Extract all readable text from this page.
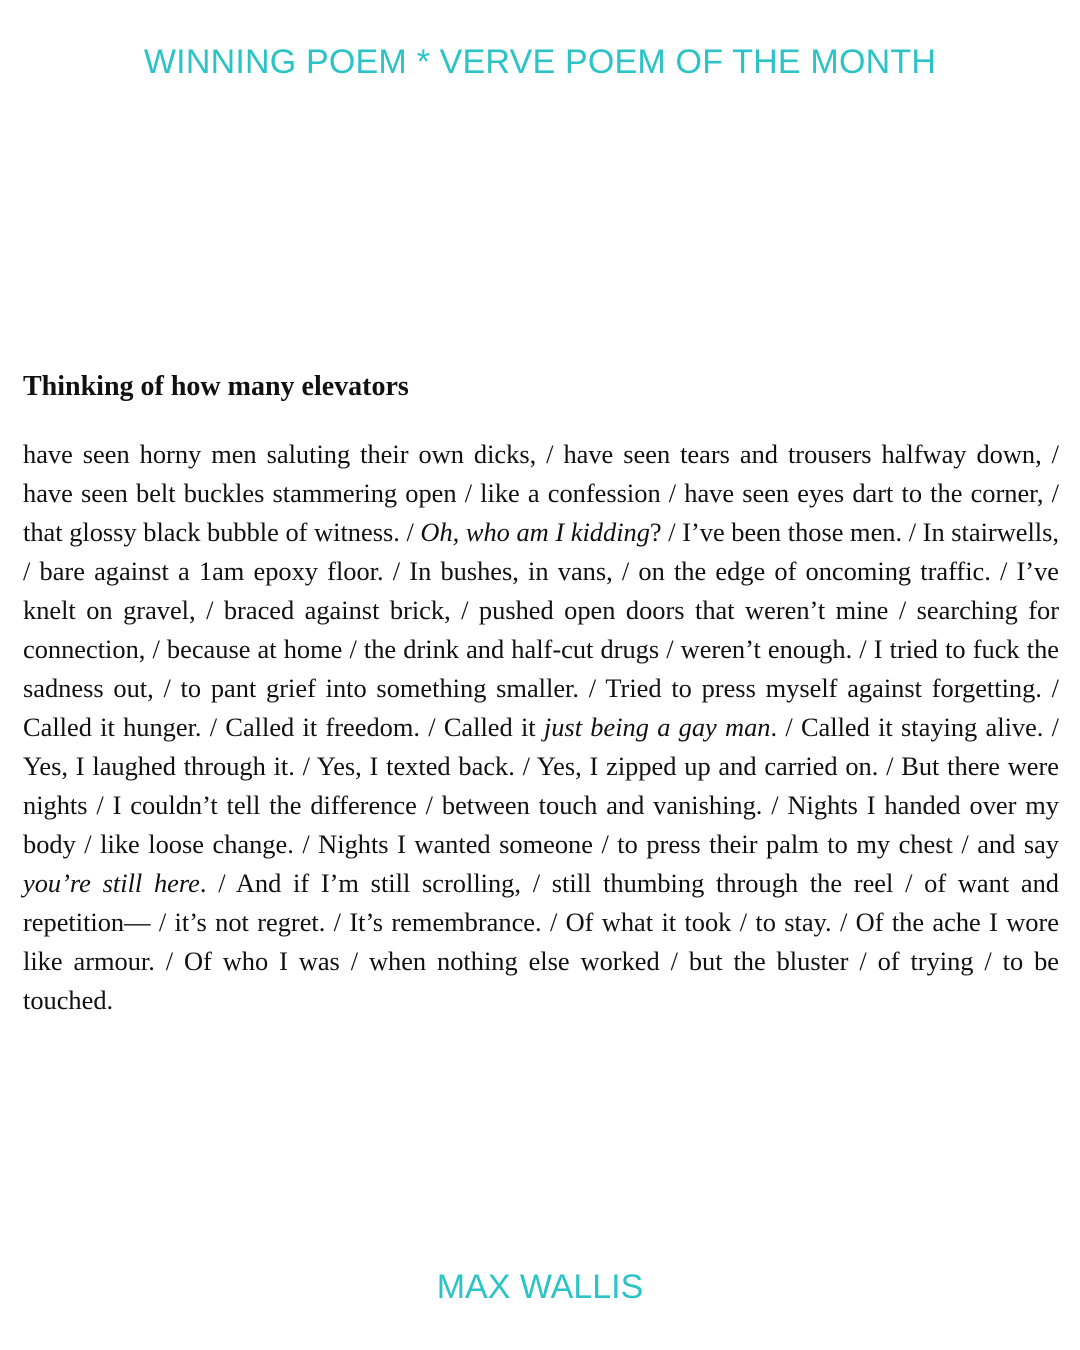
WINNING POEM * VERVE POEM OF THE MONTH
Thinking of how many elevators
have seen horny men saluting their own dicks, / have seen tears and trousers halfway down, / have seen belt buckles stammering open / like a confession / have seen eyes dart to the corner, / that glossy black bubble of witness. / Oh, who am I kidding? / I’ve been those men. / In stairwells, / bare against a 1am epoxy floor. / In bushes, in vans, / on the edge of oncoming traffic. / I’ve knelt on gravel, / braced against brick, / pushed open doors that weren’t mine / searching for connection, / because at home / the drink and half-cut drugs / weren’t enough. / I tried to fuck the sadness out, / to pant grief into something smaller. / Tried to press myself against forgetting. / Called it hunger. / Called it freedom. / Called it just being a gay man. / Called it staying alive. / Yes, I laughed through it. / Yes, I texted back. / Yes, I zipped up and carried on. / But there were nights / I couldn’t tell the difference / between touch and vanishing. / Nights I handed over my body / like loose change. / Nights I wanted someone / to press their palm to my chest / and say you’re still here. / And if I’m still scrolling, / still thumbing through the reel / of want and repetition— / it’s not regret. / It’s remembrance. / Of what it took / to stay. / Of the ache I wore like armour. / Of who I was / when nothing else worked / but the bluster / of trying / to be touched.
MAX WALLIS
